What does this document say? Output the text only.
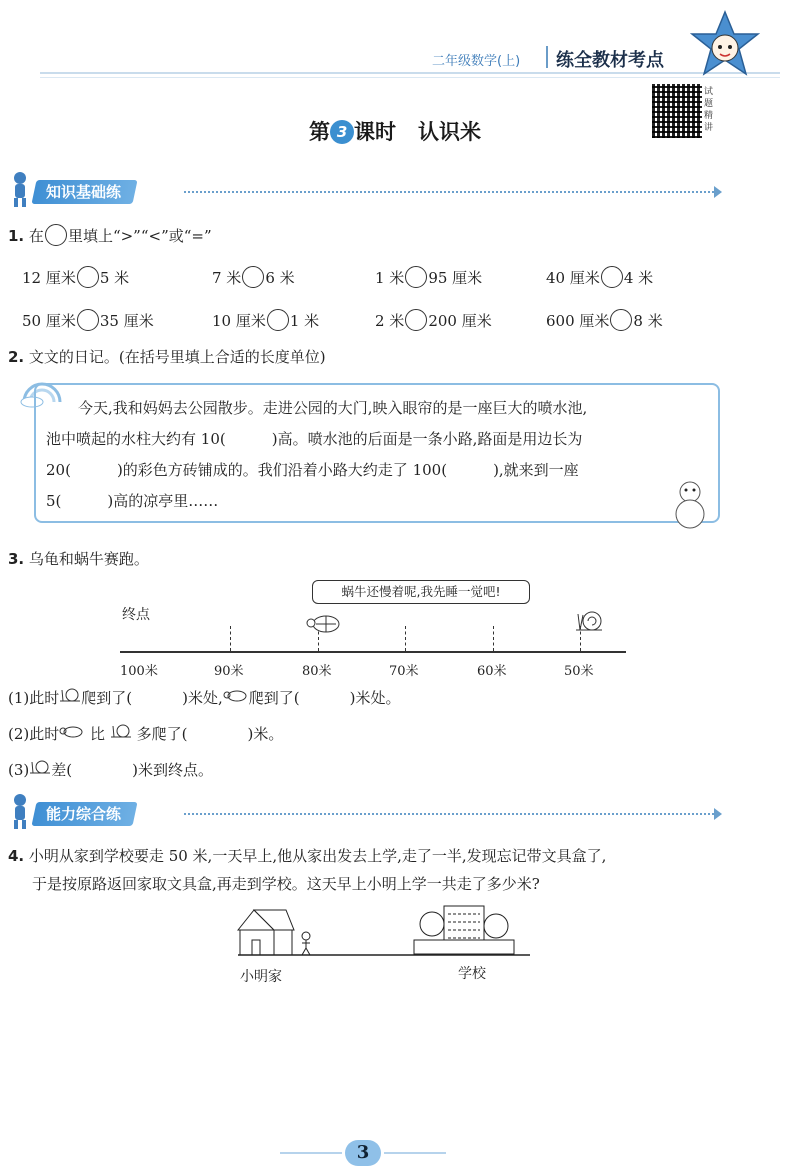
二年级数学(上) 练全教材考点
试
题
精
讲
第 3 课时 认识米
知识基础练
1. 在 里填上“>”“<”或“=”
12 厘米 5 米	7 米 6 米	1 米 95 厘米	40 厘米 4 米
50 厘米 35 厘米	10 厘米 1 米	2 米 200 厘米	600 厘米 8 米
2. 文文的日记。(在括号里填上合适的长度单位)
今天,我和妈妈去公园散步。走进公园的大门,映入眼帘的是一座巨大的喷水池,
池中喷起的水柱大约有 10(	)高。喷水池的后面是一条小路,路面是用边长为
20(	)的彩色方砖铺成的。我们沿着小路大约走了 100(	),就来到一座
5(	)高的凉亭里……
3. 乌龟和蜗牛赛跑。
终点
蜗牛还慢着呢,我先睡一觉吧!
100米	90米	80米	70米	60米	50米
(1)此时 爬到了(	)米处, 爬到了(	)米处。
(2)此时 比 多爬了(	)米。
(3) 差(	)米到终点。
能力综合练
4. 小明从家到学校要走 50 米,一天早上,他从家出发去上学,走了一半,发现忘记带文具盒了,
于是按原路返回家取文具盒,再走到学校。这天早上小明上学一共走了多少米?
小明家	学校
3
